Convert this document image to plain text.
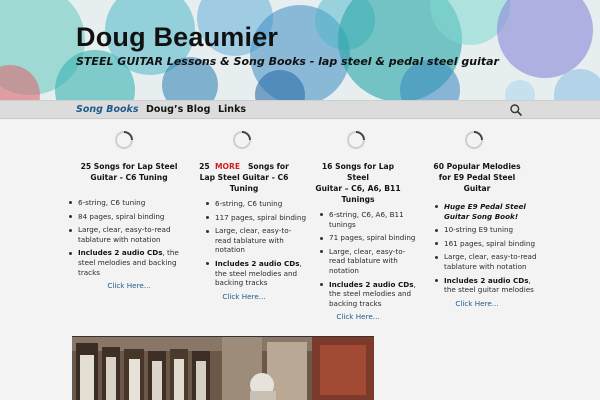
Doug Beaumier
STEEL GUITAR Lessons & Song Books - lap steel & pedal steel guitar
Song Books Doug’s Blog Links
25 Songs for Lap Steel
Guitar - C6 Tuning
6-string, C6 tuning
84 pages, spiral binding
Large, clear, easy-to-read tablature with notation
Includes 2 audio CDs, the steel melodies and backing tracks
Click Here...
25 MORE Songs for
Lap Steel Guitar - C6
Tuning
6-string, C6 tuning
117 pages, spiral binding
Large, clear, easy-to-read tablature with notation
Includes 2 audio CDs, the steel melodies and backing tracks
Click Here...
16 Songs for Lap
Steel
Guitar – C6, A6, B11
Tunings
6-string, C6, A6, B11 tunings
71 pages, spiral binding
Large, clear, easy-to-read tablature with notation
Includes 2 audio CDs, the steel melodies and backing tracks
Click Here...
60 Popular Melodies
for E9 Pedal Steel
Guitar
Huge E9 Pedal Steel Guitar Song Book!
10-string E9 tuning
161 pages, spiral binding
Large, clear, easy-to-read tablature with notation
Includes 2 audio CDs, the steel guitar melodies
Click Here...
